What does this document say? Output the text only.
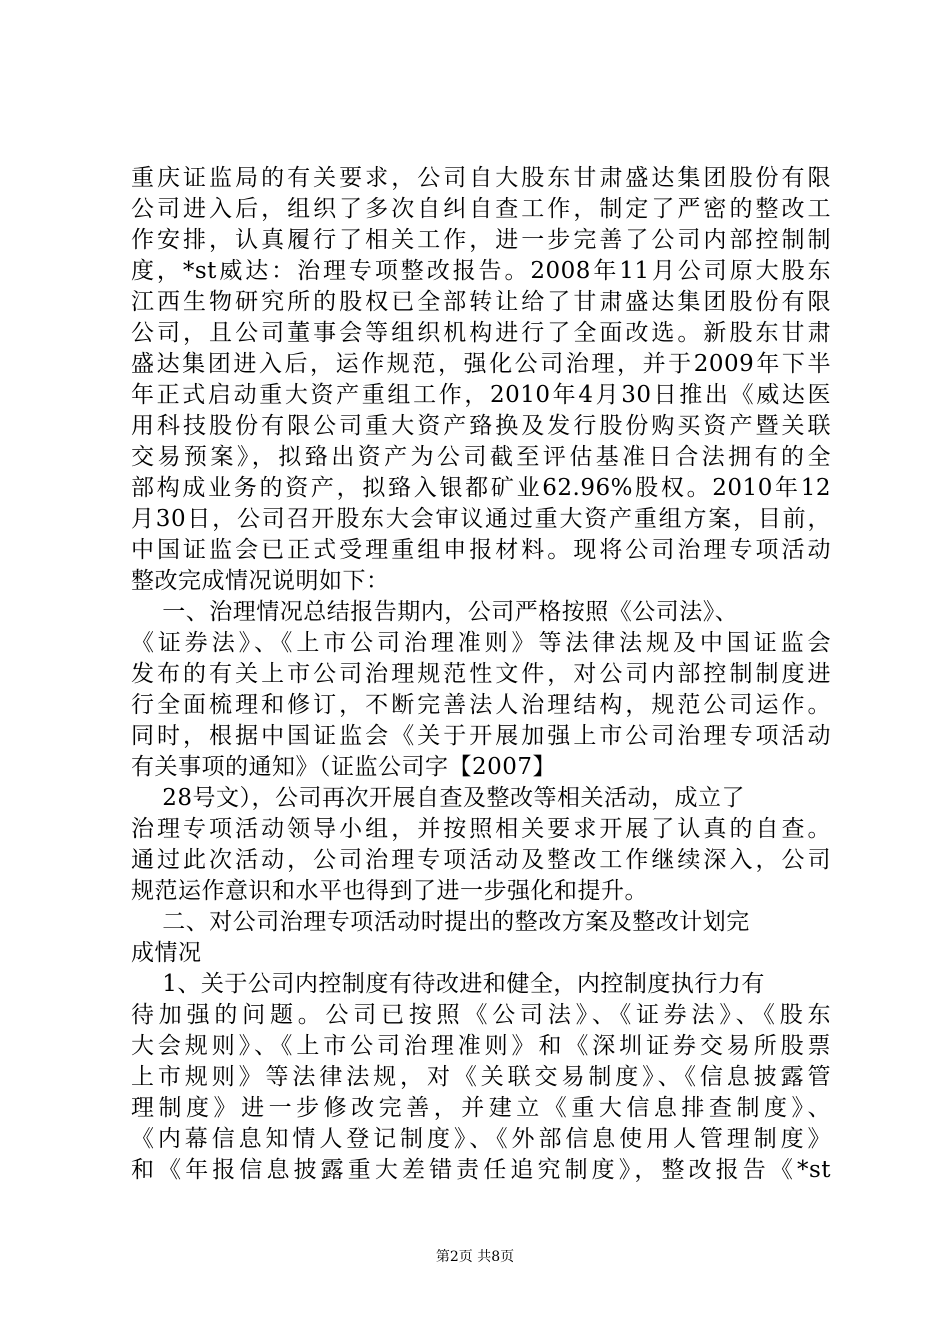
重庆证监局的有关要求，公司自大股东甘肃盛达集团股份有限
公司进入后，组织了多次自纠自查工作，制定了严密的整改工
作安排，认真履行了相关工作，进一步完善了公司内部控制制
度，*st威达：治理专项整改报告。2008年11月公司原大股东
江西生物研究所的股权已全部转让给了甘肃盛达集团股份有限
公司，且公司董事会等组织机构进行了全面改选。新股东甘肃
盛达集团进入后，运作规范，强化公司治理，并于2009年下半
年正式启动重大资产重组工作，2010年4月30日推出《威达医
用科技股份有限公司重大资产臵换及发行股份购买资产暨关联
交易预案》，拟臵出资产为公司截至评估基准日合法拥有的全
部构成业务的资产，拟臵入银都矿业62.96%股权。2010年12
月30日，公司召开股东大会审议通过重大资产重组方案，目前，
中国证监会已正式受理重组申报材料。现将公司治理专项活动
整改完成情况说明如下：
一、治理情况总结报告期内，公司严格按照《公司法》、
《证券法》、《上市公司治理准则》等法律法规及中国证监会
发布的有关上市公司治理规范性文件，对公司内部控制制度进
行全面梳理和修订，不断完善法人治理结构，规范公司运作。
同时，根据中国证监会《关于开展加强上市公司治理专项活动
有关事项的通知》（证监公司字【2007】
28号文），公司再次开展自查及整改等相关活动，成立了
治理专项活动领导小组，并按照相关要求开展了认真的自查。
通过此次活动，公司治理专项活动及整改工作继续深入，公司
规范运作意识和水平也得到了进一步强化和提升。
二、对公司治理专项活动时提出的整改方案及整改计划完
成情况
1、关于公司内控制度有待改进和健全，内控制度执行力有
待加强的问题。公司已按照《公司法》、《证券法》、《股东
大会规则》、《上市公司治理准则》和《深圳证券交易所股票
上市规则》等法律法规，对《关联交易制度》、《信息披露管
理制度》进一步修改完善，并建立《重大信息排查制度》、
《内幕信息知情人登记制度》、《外部信息使用人管理制度》
和《年报信息披露重大差错责任追究制度》，整改报告《*st
第2页 共8页
